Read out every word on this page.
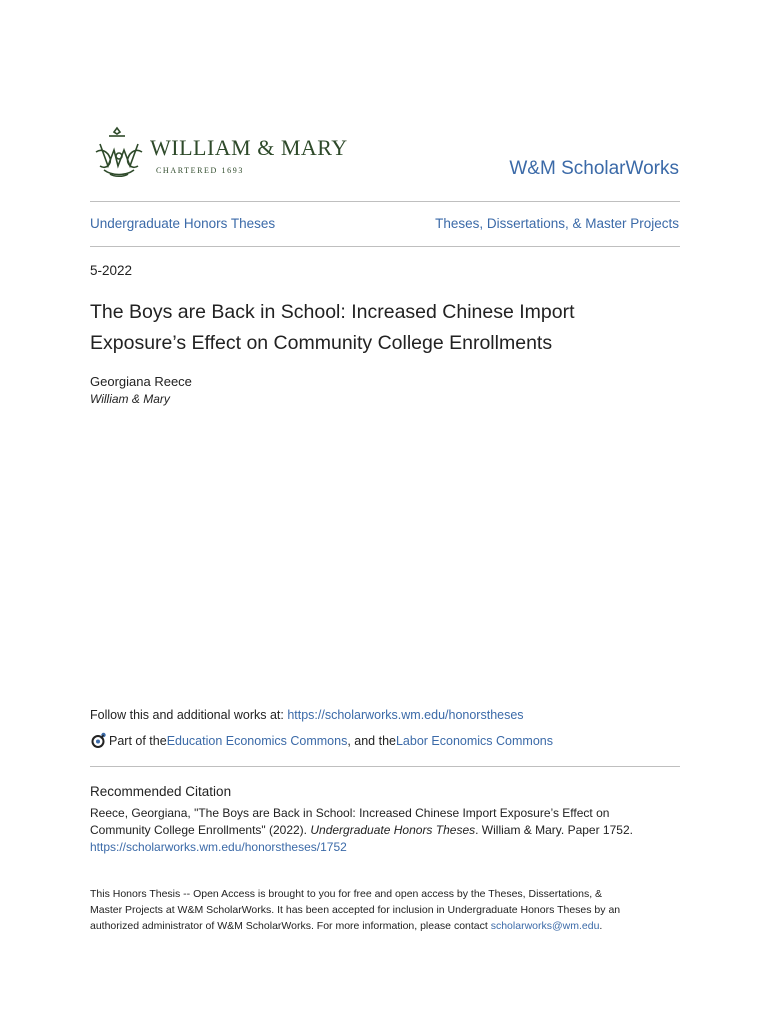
WILLIAM & MARY
CHARTERED 1693	W&M ScholarWorks
Undergraduate Honors Theses	Theses, Dissertations, & Master Projects
5-2022
The Boys are Back in School: Increased Chinese Import
Exposure’s Effect on Community College Enrollments
Georgiana Reece
William & Mary
Follow this and additional works at: https://scholarworks.wm.edu/honorstheses
Part of the Education Economics Commons , and the Labor Economics Commons
Recommended Citation
Reece, Georgiana, "The Boys are Back in School: Increased Chinese Import Exposure’s Effect on
Community College Enrollments" (2022). Undergraduate Honors Theses. William & Mary. Paper 1752.
https://scholarworks.wm.edu/honorstheses/1752
This Honors Thesis -- Open Access is brought to you for free and open access by the Theses, Dissertations, &
Master Projects at W&M ScholarWorks. It has been accepted for inclusion in Undergraduate Honors Theses by an
authorized administrator of W&M ScholarWorks. For more information, please contact scholarworks@wm.edu.
